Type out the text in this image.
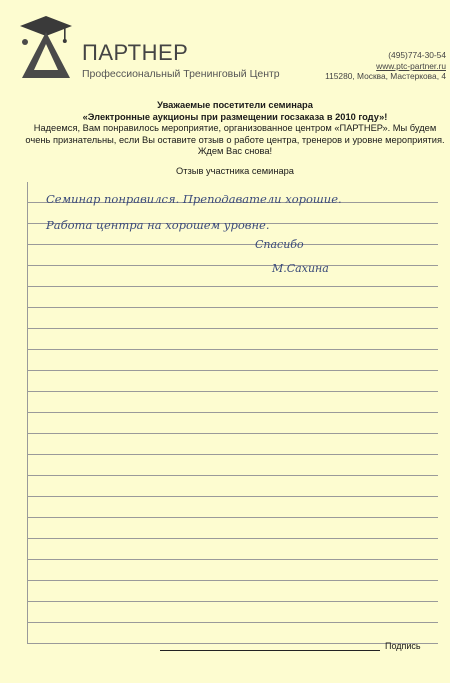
ПАРТНЕР
Профессиональный Тренинговый Центр
(495)774-30-54
www.ptc-partner.ru
115280, Москва, Мастеркова, 4
Уважаемые посетители семинара
«Электронные аукционы при размещении госзаказа в 2010 году»!
Надеемся, Вам понравилось мероприятие, организованное центром «ПАРТНЕР». Мы будем очень признательны, если Вы оставите отзыв о работе центра, тренеров и уровне мероприятия. Ждем Вас снова!
Отзыв участника семинара
Семинар понравился. Преподаватели хорошие.
Работа центра на хорошем уровне.
Спасибо
М.Сахина
Подпись
